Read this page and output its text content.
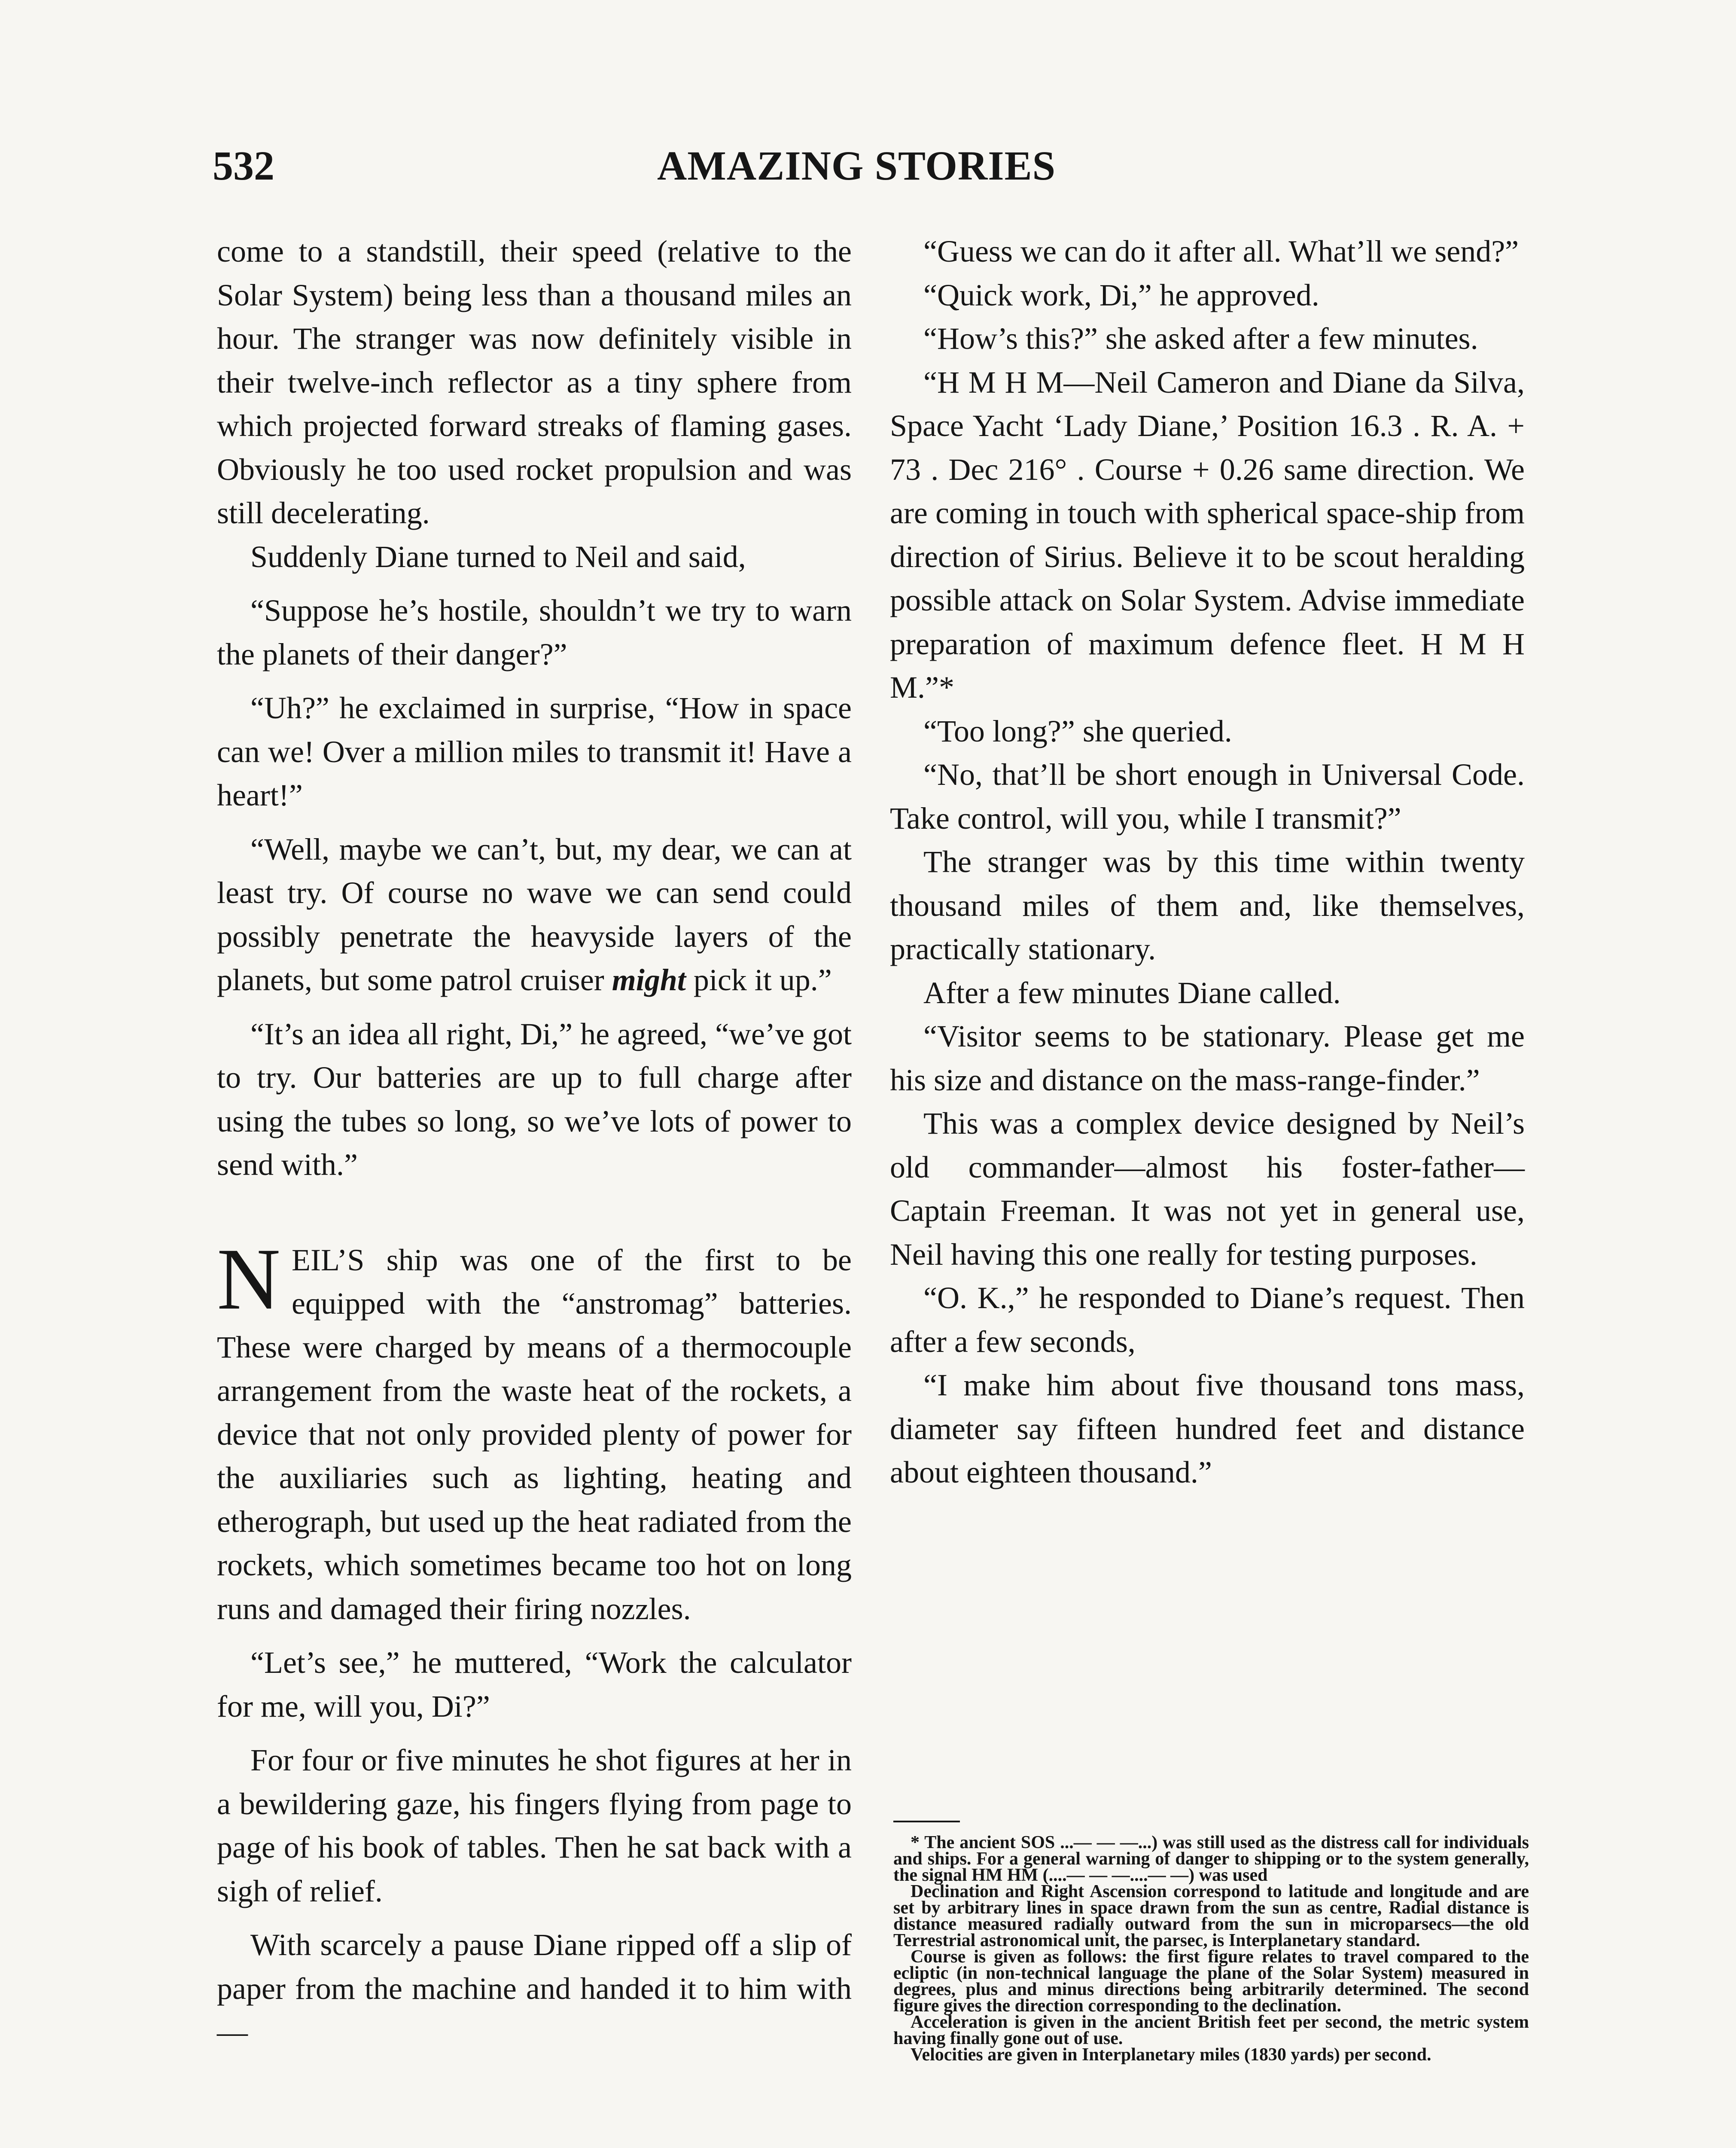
532	AMAZING STORIES

come to a standstill, their speed (relative to the Solar System) being less than a thousand miles an hour. The stranger was now definitely visible in their twelve-inch reflector as a tiny sphere from which projected forward streaks of flaming gases. Obviously he too used rocket propulsion and was still decelerating.

Suddenly Diane turned to Neil and said,

“Suppose he’s hostile, shouldn’t we try to warn the planets of their danger?”

“Uh?” he exclaimed in surprise, “How in space can we! Over a million miles to transmit it! Have a heart!”

“Well, maybe we can’t, but, my dear, we can at least try. Of course no wave we can send could possibly penetrate the heavyside layers of the planets, but some patrol cruiser might pick it up.”

“It’s an idea all right, Di,” he agreed, “we’ve got to try. Our batteries are up to full charge after using the tubes so long, so we’ve lots of power to send with.”

NEIL’S ship was one of the first to be equipped with the “anstromag” batteries. These were charged by means of a thermocouple arrangement from the waste heat of the rockets, a device that not only provided plenty of power for the auxiliaries such as lighting, heating and etherograph, but used up the heat radiated from the rockets, which sometimes became too hot on long runs and damaged their firing nozzles.

“Let’s see,” he muttered, “Work the calculator for me, will you, Di?”

For four or five minutes he shot figures at her in a bewildering gaze, his fingers flying from page to page of his book of tables. Then he sat back with a sigh of relief.

With scarcely a pause Diane ripped off a slip of paper from the machine and handed it to him with—

“Guess we can do it after all. What’ll we send?”

“Quick work, Di,” he approved.

“How’s this?” she asked after a few minutes.

“H M H M—Neil Cameron and Diane da Silva, Space Yacht ‘Lady Diane,’ Position 16.3 . R. A. + 73 . Dec 216° . Course + 0.26 same direction. We are coming in touch with spherical space-ship from direction of Sirius. Believe it to be scout heralding possible attack on Solar System. Advise immediate preparation of maximum defence fleet. H M H M.”*

“Too long?” she queried.

“No, that’ll be short enough in Universal Code. Take control, will you, while I transmit?”

The stranger was by this time within twenty thousand miles of them and, like themselves, practically stationary.

After a few minutes Diane called.

“Visitor seems to be stationary. Please get me his size and distance on the mass-range-finder.”

This was a complex device designed by Neil’s old commander—almost his foster-father—Captain Freeman. It was not yet in general use, Neil having this one really for testing purposes.

“O. K.,” he responded to Diane’s request. Then after a few seconds,

“I make him about five thousand tons mass, diameter say fifteen hundred feet and distance about eighteen thousand.”

* The ancient SOS ...— — —...) was still used as the distress call for individuals and ships. For a general warning of danger to shipping or to the system generally, the signal HM HM (....— — —....— —) was used

Declination and Right Ascension correspond to latitude and longitude and are set by arbitrary lines in space drawn from the sun as centre, Radial distance is distance measured radially outward from the sun in microparsecs—the old Terrestrial astronomical unit, the parsec, is Interplanetary standard.

Course is given as follows: the first figure relates to travel compared to the ecliptic (in non-technical language the plane of the Solar System) measured in degrees, plus and minus directions being arbitrarily determined. The second figure gives the direction corresponding to the declination.

Acceleration is given in the ancient British feet per second, the metric system having finally gone out of use.

Velocities are given in Interplanetary miles (1830 yards) per second.
